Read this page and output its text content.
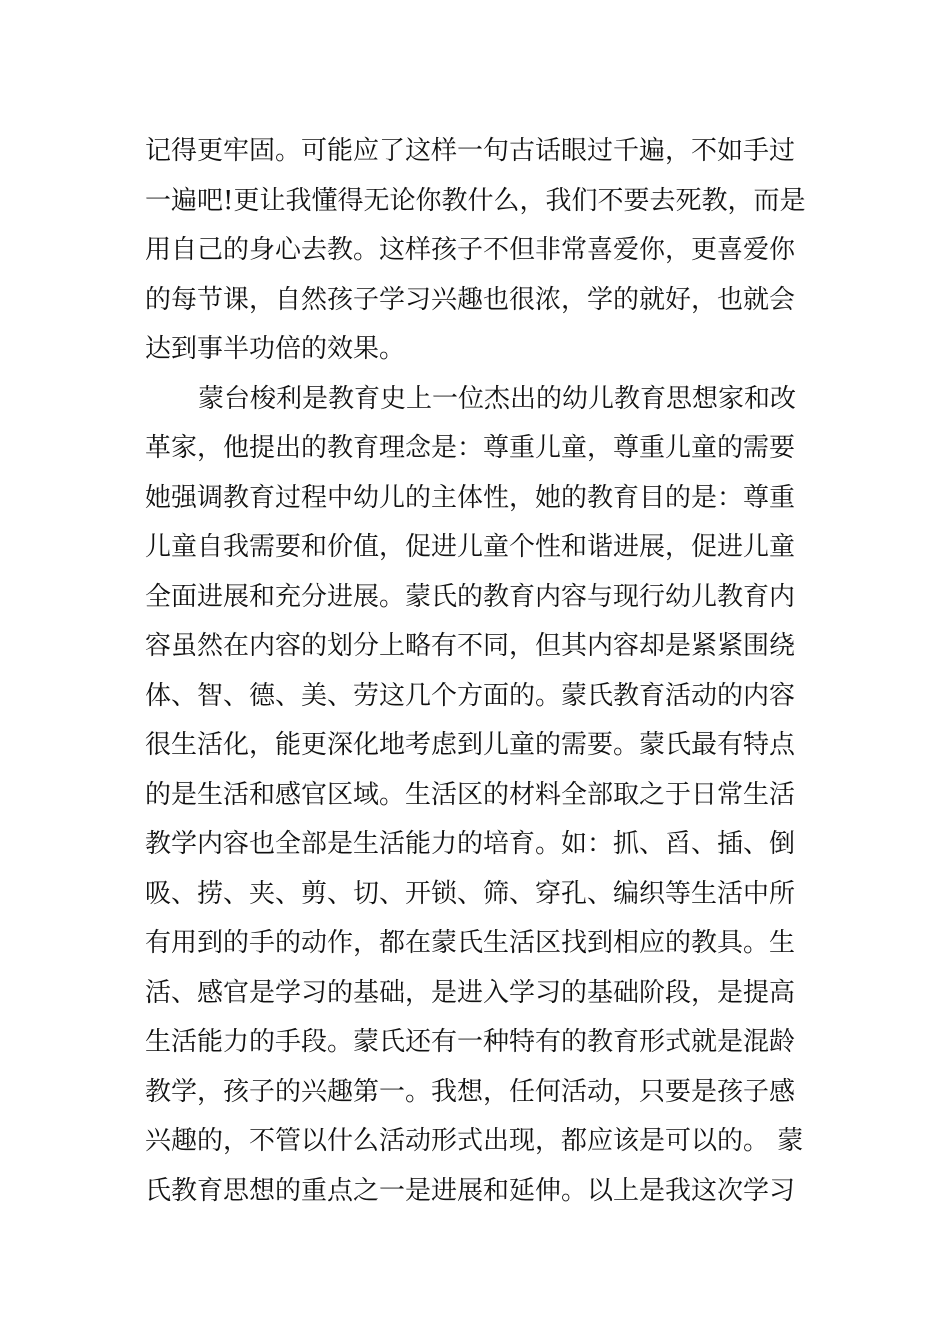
记得更牢固。可能应了这样一句古话眼过千遍，不如手过
一遍吧!更让我懂得无论你教什么，我们不要去死教，而是
用自己的身心去教。这样孩子不但非常喜爱你，更喜爱你
的每节课，自然孩子学习兴趣也很浓，学的就好，也就会
达到事半功倍的效果。
蒙台梭利是教育史上一位杰出的幼儿教育思想家和改
革家，他提出的教育理念是：尊重儿童，尊重儿童的需要
她强调教育过程中幼儿的主体性，她的教育目的是：尊重
儿童自我需要和价值，促进儿童个性和谐进展，促进儿童
全面进展和充分进展。蒙氏的教育内容与现行幼儿教育内
容虽然在内容的划分上略有不同，但其内容却是紧紧围绕
体、智、德、美、劳这几个方面的。蒙氏教育活动的内容
很生活化，能更深化地考虑到儿童的需要。蒙氏最有特点
的是生活和感官区域。生活区的材料全部取之于日常生活
教学内容也全部是生活能力的培育。如：抓、舀、插、倒
吸、捞、夹、剪、切、开锁、筛、穿孔、编织等生活中所
有用到的手的动作，都在蒙氏生活区找到相应的教具。生
活、感官是学习的基础，是进入学习的基础阶段，是提高
生活能力的手段。蒙氏还有一种特有的教育形式就是混龄
教学，孩子的兴趣第一。我想，任何活动，只要是孩子感
兴趣的，不管以什么活动形式出现，都应该是可以的。 蒙
氏教育思想的重点之一是进展和延伸。以上是我这次学习
